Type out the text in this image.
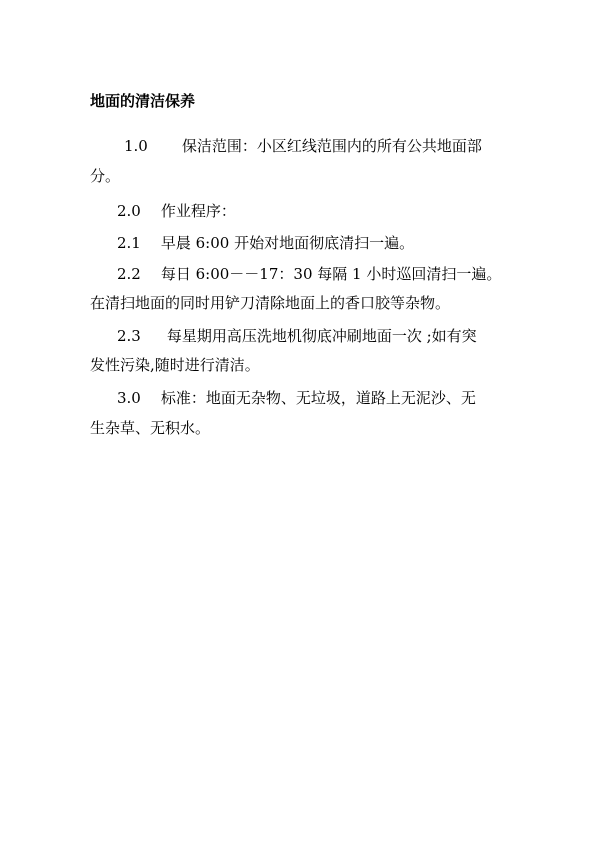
地面的清洁保养
1.0 保洁范围：小区红线范围内的所有公共地面部
分。
2.0 作业程序：
2.1 早晨 6:00 开始对地面彻底清扫一遍。
2.2 每日 6:00－－17：30 每隔 1 小时巡回清扫一遍。
在清扫地面的同时用铲刀清除地面上的香口胶等杂物。
2.3 每星期用高压洗地机彻底冲刷地面一次 ;如有突
发性污染,随时进行清洁。
3.0 标准：地面无杂物、无垃圾，道路上无泥沙、无
生杂草、无积水。
